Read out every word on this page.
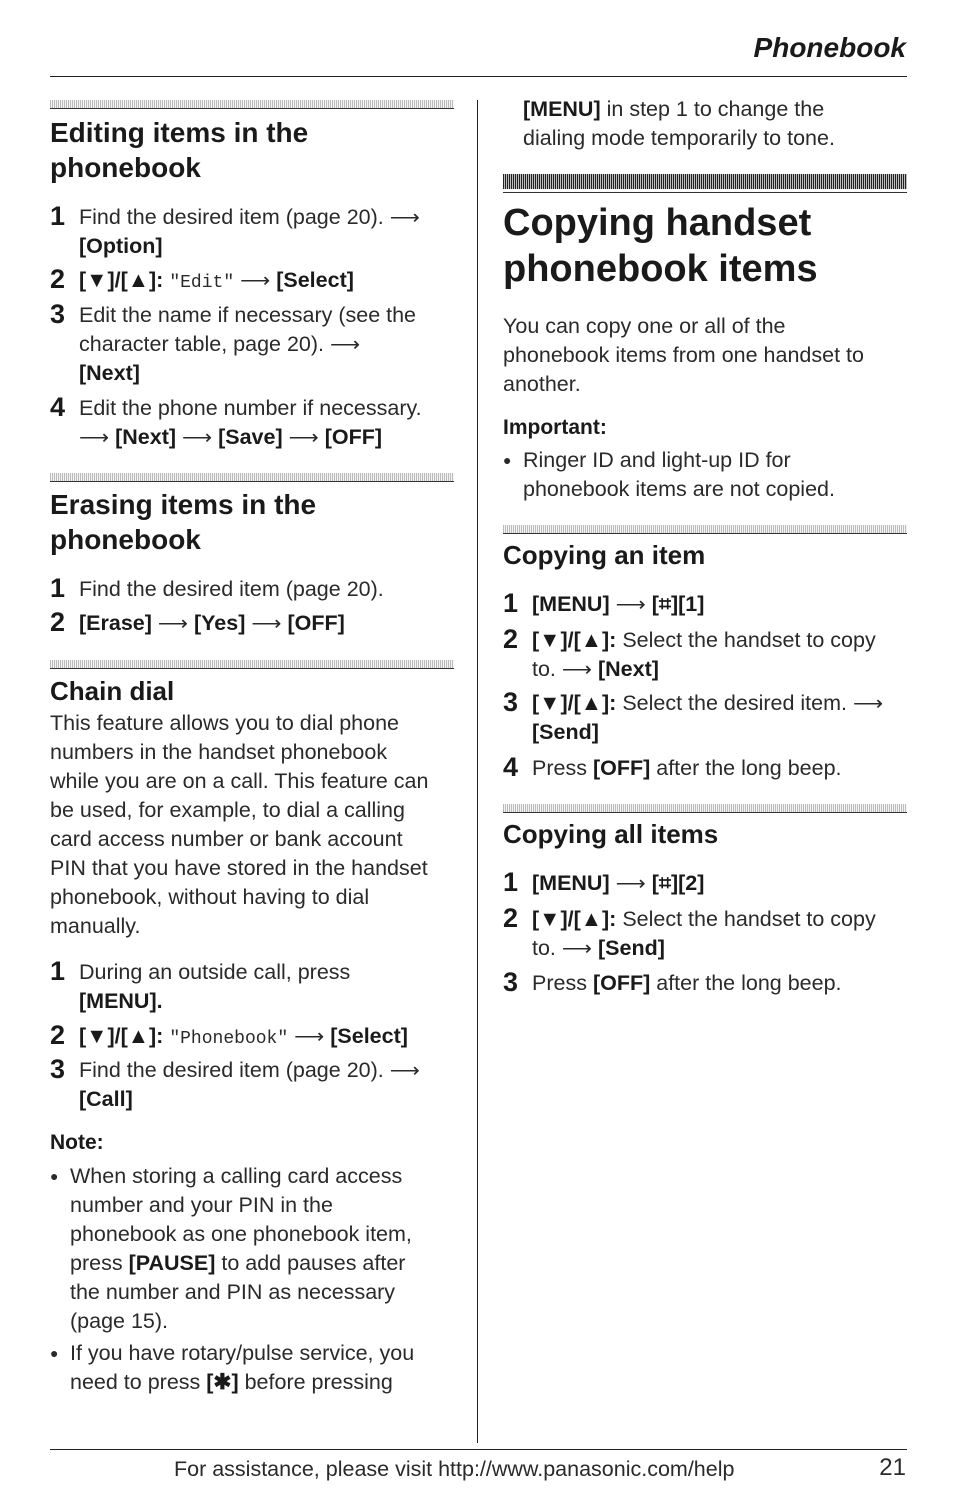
Phonebook
Editing items in the
phonebook
1 Find the desired item (page 20). ⟶
[Option]
2 [▼]/[▲]: "Edit" ⟶ [Select]
3 Edit the name if necessary (see the
character table, page 20). ⟶
[Next]
4 Edit the phone number if necessary.
⟶ [Next] ⟶ [Save] ⟶ [OFF]
Erasing items in the
phonebook
1 Find the desired item (page 20).
2 [Erase] ⟶ [Yes] ⟶ [OFF]
Chain dial
This feature allows you to dial phone
numbers in the handset phonebook
while you are on a call. This feature can
be used, for example, to dial a calling
card access number or bank account
PIN that you have stored in the handset
phonebook, without having to dial
manually.
1 During an outside call, press
[MENU].
2 [▼]/[▲]: "Phonebook" ⟶ [Select]
3 Find the desired item (page 20). ⟶
[Call]
Note:
● When storing a calling card access
number and your PIN in the
phonebook as one phonebook item,
press [PAUSE] to add pauses after
the number and PIN as necessary
(page 15).
● If you have rotary/pulse service, you
need to press [✱] before pressing
[MENU] in step 1 to change the
dialing mode temporarily to tone.
Copying handset
phonebook items
You can copy one or all of the
phonebook items from one handset to
another.
Important:
● Ringer ID and light-up ID for
phonebook items are not copied.
Copying an item
1 [MENU] ⟶ [⌗][1]
2 [▼]/[▲]: Select the handset to copy
to. ⟶ [Next]
3 [▼]/[▲]: Select the desired item. ⟶
[Send]
4 Press [OFF] after the long beep.
Copying all items
1 [MENU] ⟶ [⌗][2]
2 [▼]/[▲]: Select the handset to copy
to. ⟶ [Send]
3 Press [OFF] after the long beep.
For assistance, please visit http://www.panasonic.com/help	21
